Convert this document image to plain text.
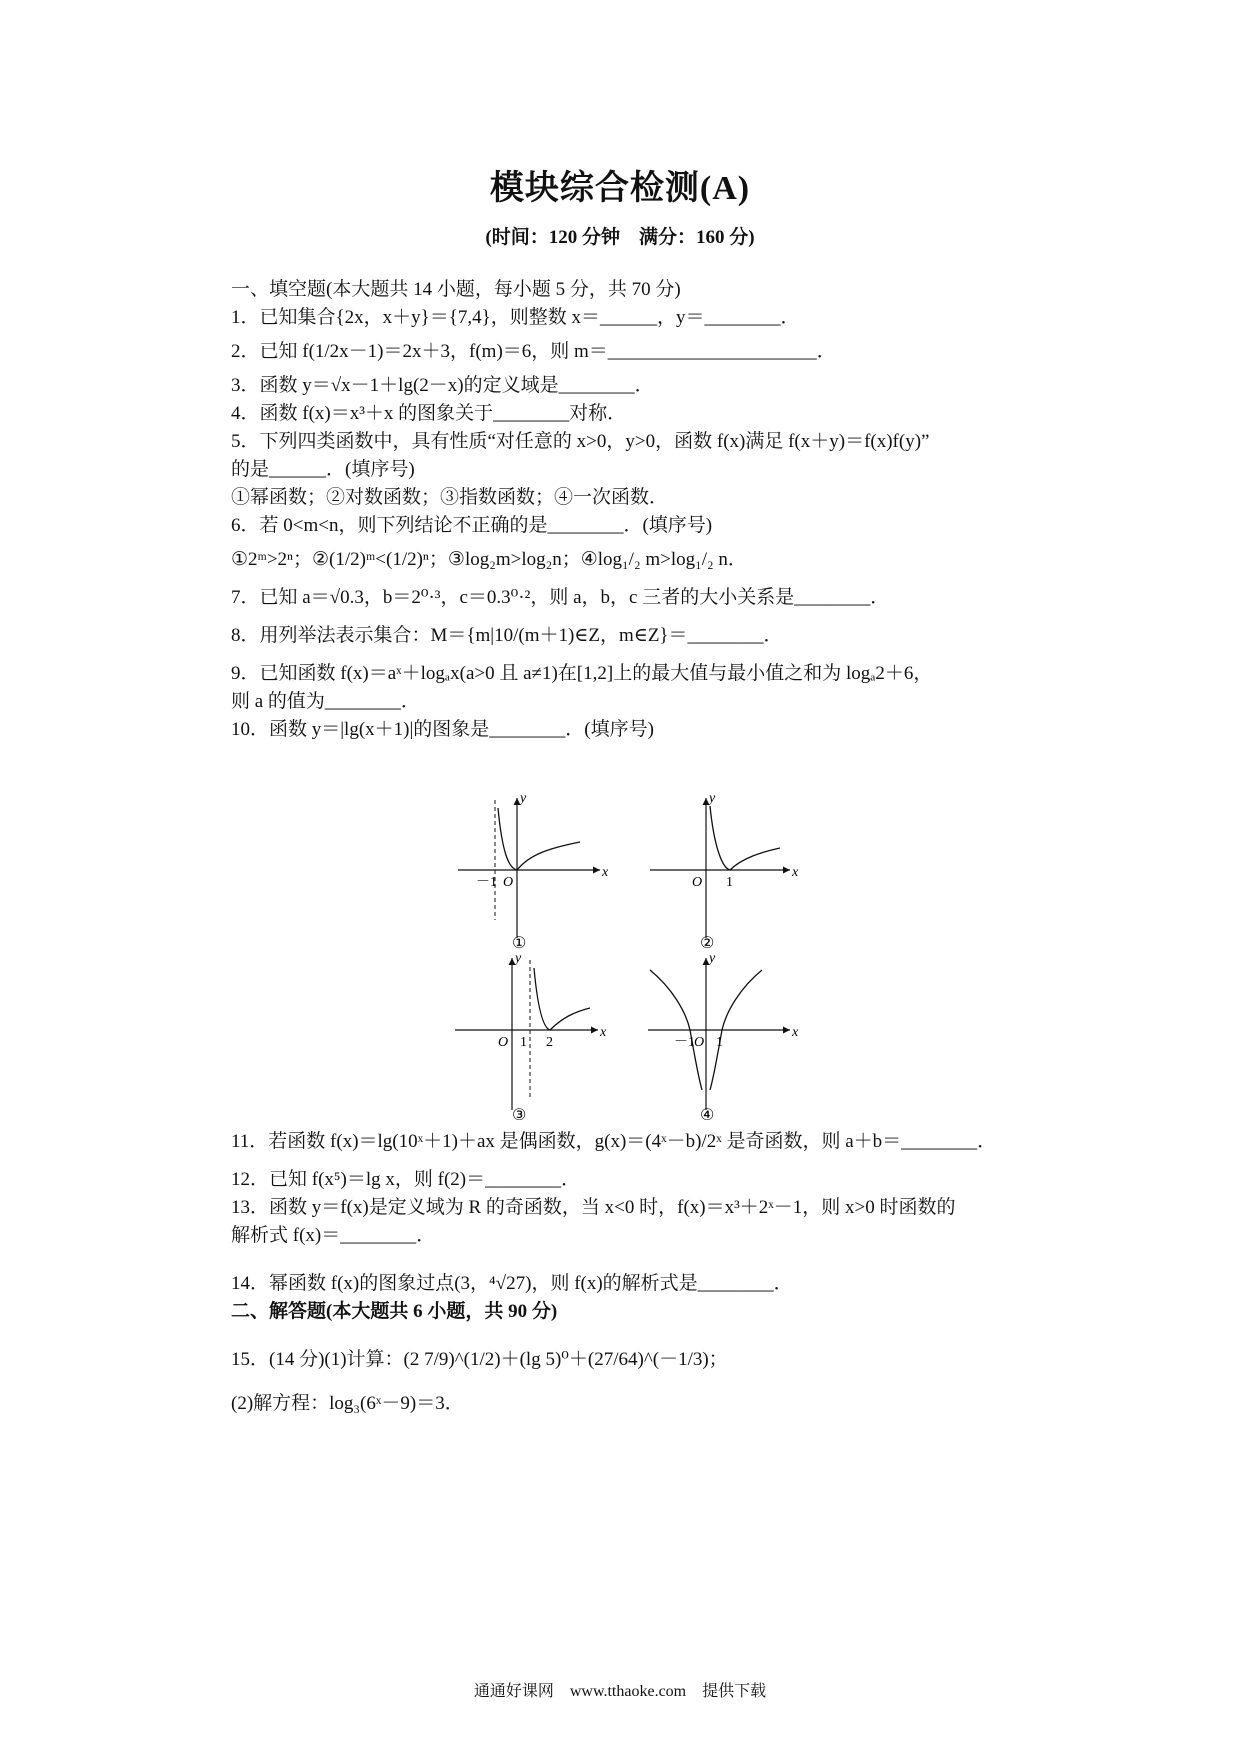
模块综合检测(A)
(时间：120 分钟　满分：160 分)
一、填空题(本大题共 14 小题，每小题 5 分，共 70 分)
1．已知集合{2x，x＋y}＝{7,4}，则整数 x＝______，y＝________．
2．已知 f(1/2x－1)＝2x＋3，f(m)＝6，则 m＝______________________．
3．函数 y＝√x－1＋lg(2－x)的定义域是________．
4．函数 f(x)＝x³＋x 的图象关于________对称．
5．下列四类函数中，具有性质“对任意的 x>0，y>0，函数 f(x)满足 f(x＋y)＝f(x)f(y)”
的是______．(填序号)
①幂函数；②对数函数；③指数函数；④一次函数．
6．若 0<m<n，则下列结论不正确的是________．(填序号)
①2ᵐ>2ⁿ；②(1/2)ᵐ<(1/2)ⁿ；③log₂m>log₂n；④log₁/₂ m>log₁/₂ n．
7．已知 a＝√0.3，b＝2⁰·³，c＝0.3⁰·²，则 a，b，c 三者的大小关系是________．
8．用列举法表示集合：M＝{m|10/(m＋1)∈Z，m∈Z}＝________．
9．已知函数 f(x)＝aˣ＋logₐx(a>0 且 a≠1)在[1,2]上的最大值与最小值之和为 logₐ2＋6，
则 a 的值为________．
10．函数 y＝|lg(x＋1)|的图象是________．(填序号)
x
y
O
－1
①
x
y
O 1
②
x
y
O 1 2
③
x
y
O
－1 1
④
11．若函数 f(x)＝lg(10ˣ＋1)＋ax 是偶函数，g(x)＝(4ˣ－b)/2ˣ 是奇函数，则 a＋b＝________．
12．已知 f(x⁵)＝lg x，则 f(2)＝________．
13．函数 y＝f(x)是定义域为 R 的奇函数，当 x<0 时，f(x)＝x³＋2ˣ－1，则 x>0 时函数的
解析式 f(x)＝________．
14．幂函数 f(x)的图象过点(3，⁴√27)，则 f(x)的解析式是________．
二、解答题(本大题共 6 小题，共 90 分)
15．(14 分)(1)计算：(2 7/9)^(1/2)＋(lg 5)⁰＋(27/64)^(－1/3)；
(2)解方程：log₃(6ˣ－9)＝3．
通通好课网　www.tthaoke.com　提供下载
